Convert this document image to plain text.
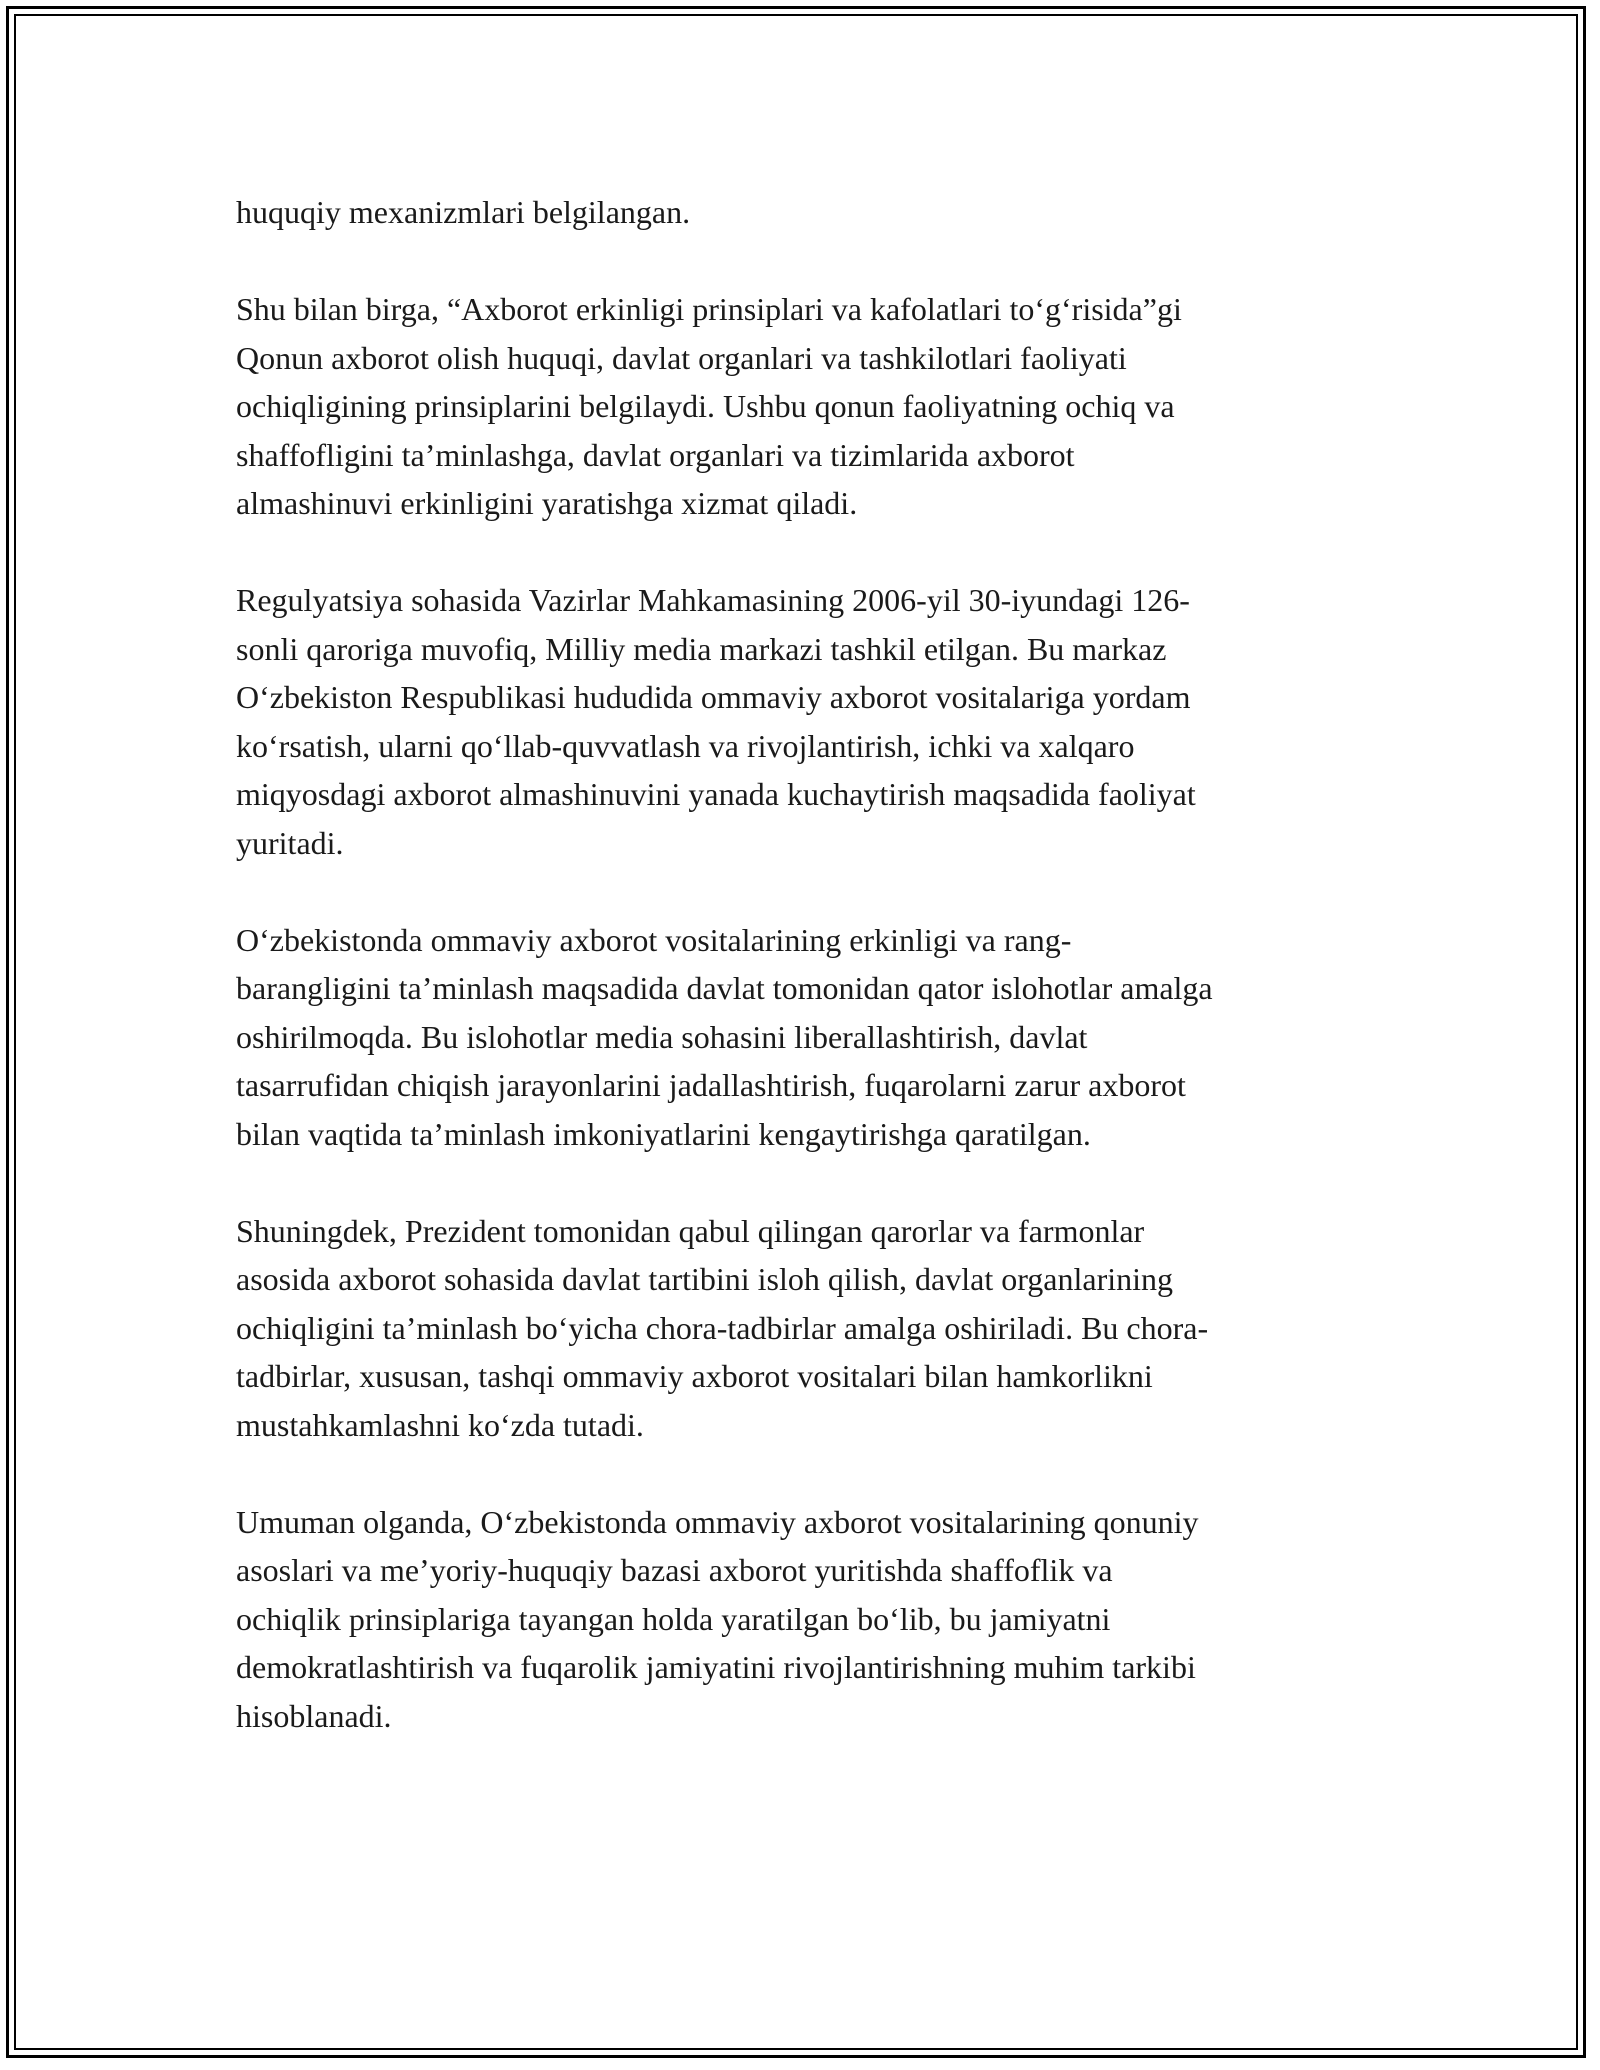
huquqiy mexanizmlari belgilangan.

Shu bilan birga, “Axborot erkinligi prinsiplari va kafolatlari to‘g‘risida”gi
Qonun axborot olish huquqi, davlat organlari va tashkilotlari faoliyati
ochiqligining prinsiplarini belgilaydi. Ushbu qonun faoliyatning ochiq va
shaffofligini ta’minlashga, davlat organlari va tizimlarida axborot
almashinuvi erkinligini yaratishga xizmat qiladi.

Regulyatsiya sohasida Vazirlar Mahkamasining 2006-yil 30-iyundagi 126-
sonli qaroriga muvofiq, Milliy media markazi tashkil etilgan. Bu markaz
O‘zbekiston Respublikasi hududida ommaviy axborot vositalariga yordam
ko‘rsatish, ularni qo‘llab-quvvatlash va rivojlantirish, ichki va xalqaro
miqyosdagi axborot almashinuvini yanada kuchaytirish maqsadida faoliyat
yuritadi.

O‘zbekistonda ommaviy axborot vositalarining erkinligi va rang-
barangligini ta’minlash maqsadida davlat tomonidan qator islohotlar amalga
oshirilmoqda. Bu islohotlar media sohasini liberallashtirish, davlat
tasarrufidan chiqish jarayonlarini jadallashtirish, fuqarolarni zarur axborot
bilan vaqtida ta’minlash imkoniyatlarini kengaytirishga qaratilgan.

Shuningdek, Prezident tomonidan qabul qilingan qarorlar va farmonlar
asosida axborot sohasida davlat tartibini isloh qilish, davlat organlarining
ochiqligini ta’minlash bo‘yicha chora-tadbirlar amalga oshiriladi. Bu chora-
tadbirlar, xususan, tashqi ommaviy axborot vositalari bilan hamkorlikni
mustahkamlashni ko‘zda tutadi.

Umuman olganda, O‘zbekistonda ommaviy axborot vositalarining qonuniy
asoslari va me’yoriy-huquqiy bazasi axborot yuritishda shaffoflik va
ochiqlik prinsiplariga tayangan holda yaratilgan bo‘lib, bu jamiyatni
demokratlashtirish va fuqarolik jamiyatini rivojlantirishning muhim tarkibi
hisoblanadi.
